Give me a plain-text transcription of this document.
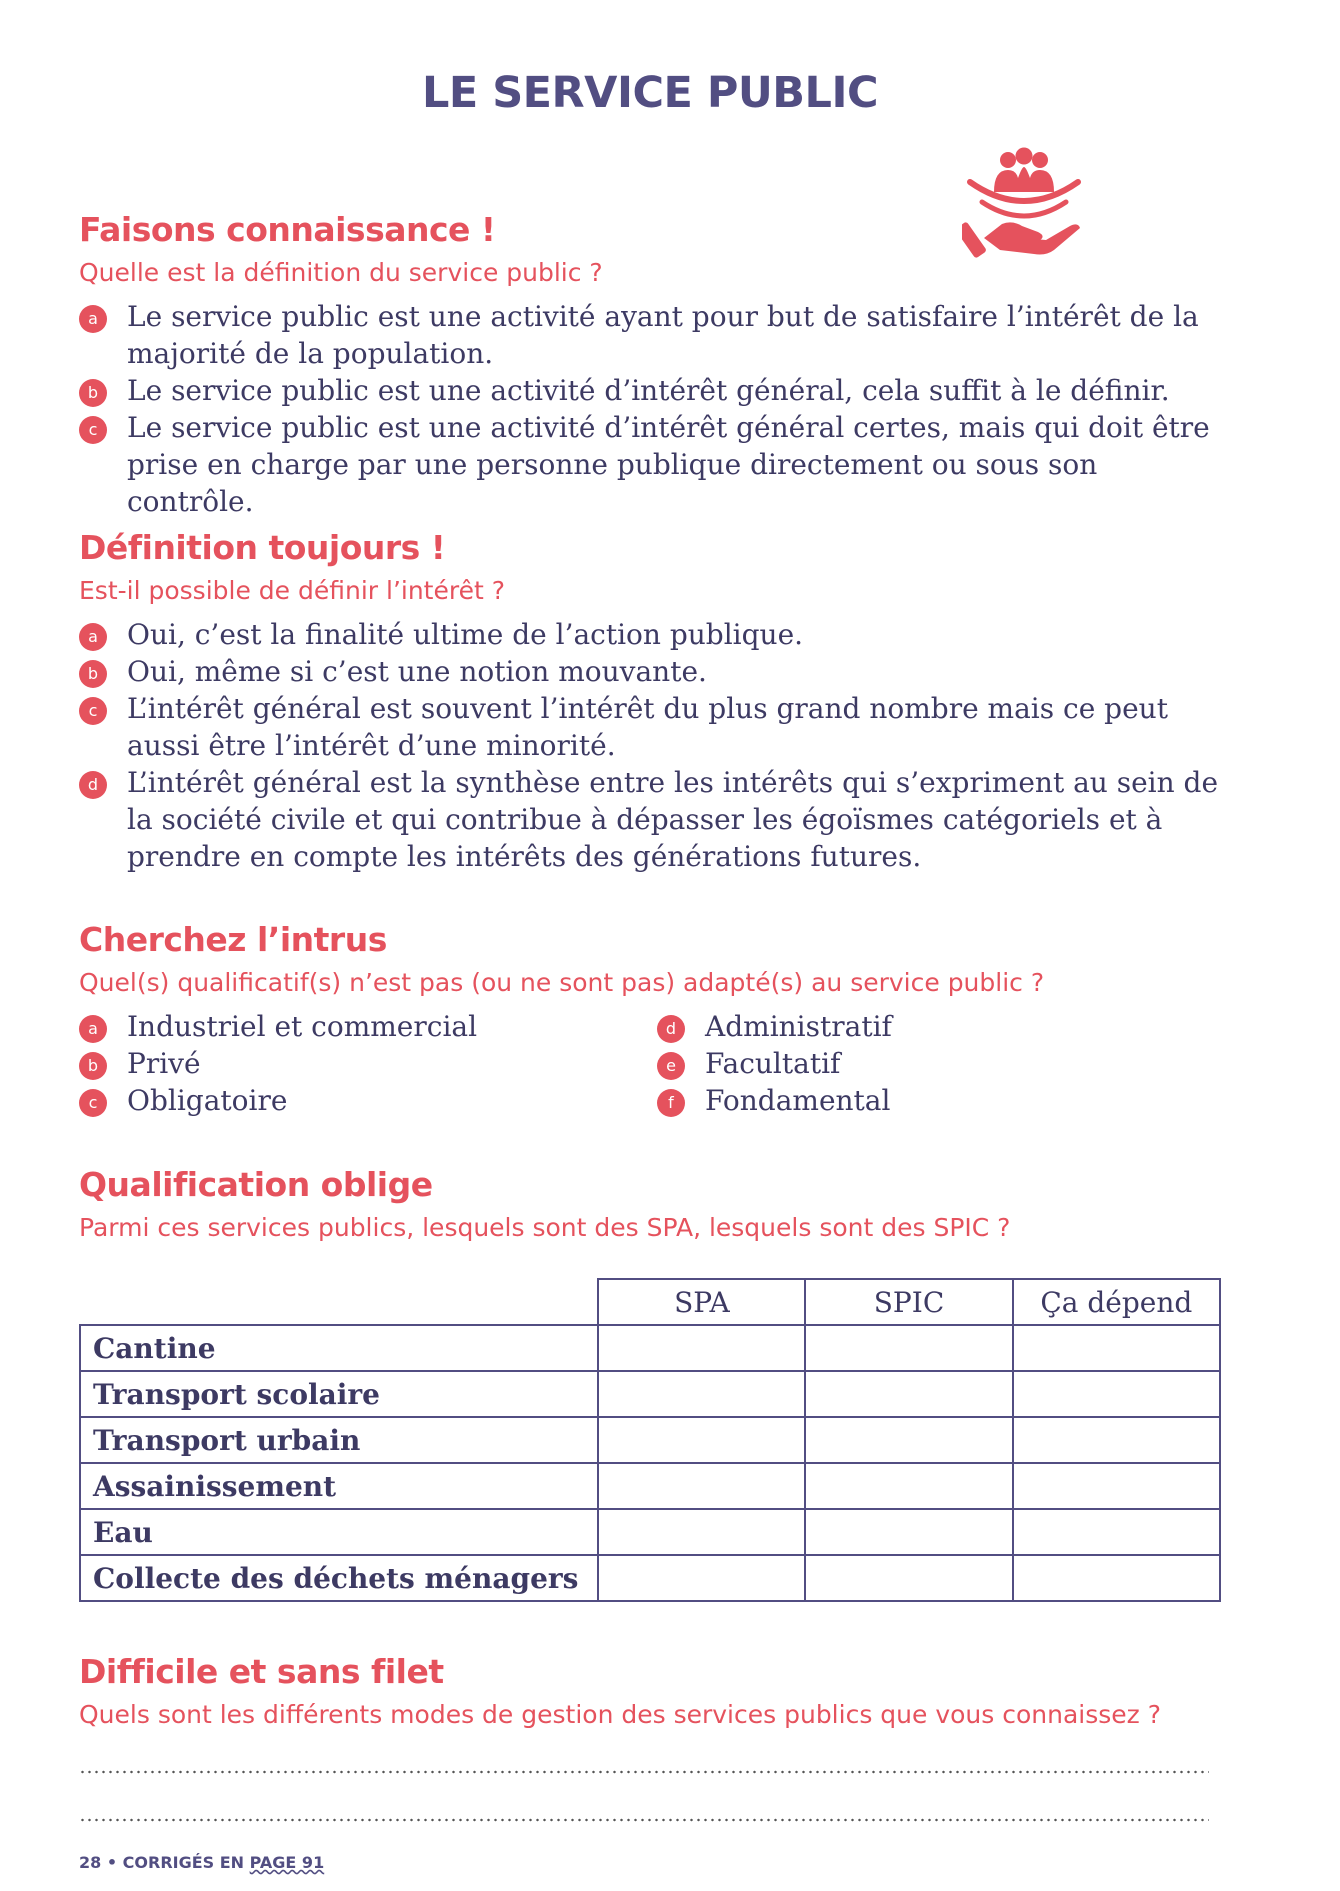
LE SERVICE PUBLIC
Faisons connaissance !
Quelle est la définition du service public ?
a	Le service public est une activité ayant pour but de satisfaire l’intérêt de la majorité de la population.
b	Le service public est une activité d’intérêt général, cela suffit à le définir.
c	Le service public est une activité d’intérêt général certes, mais qui doit être prise en charge par une personne publique directement ou sous son contrôle.
Définition toujours !
Est-il possible de définir l’intérêt ?
a	Oui, c’est la finalité ultime de l’action publique.
b	Oui, même si c’est une notion mouvante.
c	L’intérêt général est souvent l’intérêt du plus grand nombre mais ce peut aussi être l’intérêt d’une minorité.
d	L’intérêt général est la synthèse entre les intérêts qui s’expriment au sein de la société civile et qui contribue à dépasser les égoïsmes catégoriels et à prendre en compte les intérêts des générations futures.
Cherchez l’intrus
Quel(s) qualificatif(s) n’est pas (ou ne sont pas) adapté(s) au service public ?
a	Industriel et commercial	d	Administratif
b	Privé	e	Facultatif
c	Obligatoire	f	Fondamental
Qualification oblige
Parmi ces services publics, lesquels sont des SPA, lesquels sont des SPIC ?
	SPA	SPIC	Ça dépend
Cantine			
Transport scolaire			
Transport urbain			
Assainissement			
Eau			
Collecte des déchets ménagers			
Difficile et sans filet
Quels sont les différents modes de gestion des services publics que vous connaissez ?
28 • CORRIGÉS EN PAGE 91
